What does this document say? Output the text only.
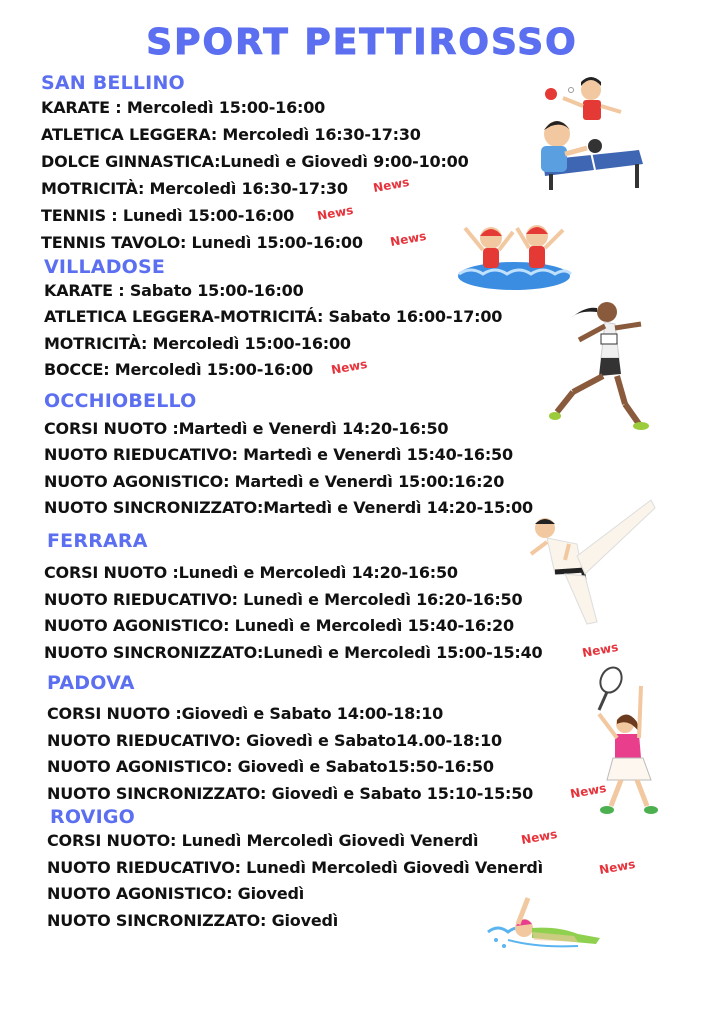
SPORT PETTIROSSO
SAN BELLINO
KARATE : Mercoledì 15:00-16:00
ATLETICA LEGGERA: Mercoledì 16:30-17:30
DOLCE GINNASTICA:Lunedì e Giovedì 9:00-10:00
MOTRICITÀ: Mercoledì 16:30-17:30 News
TENNIS : Lunedì 15:00-16:00 News
TENNIS TAVOLO: Lunedì 15:00-16:00 News
VILLADOSE
KARATE : Sabato 15:00-16:00
ATLETICA LEGGERA-MOTRICITÁ: Sabato 16:00-17:00
MOTRICITÀ: Mercoledì 15:00-16:00
BOCCE: Mercoledì 15:00-16:00 News
OCCHIOBELLO
CORSI NUOTO :Martedì e Venerdì 14:20-16:50
NUOTO RIEDUCATIVO: Martedì e Venerdì 15:40-16:50
NUOTO AGONISTICO: Martedì e Venerdì 15:00:16:20
NUOTO SINCRONIZZATO:Martedì e Venerdì 14:20-15:00
FERRARA
CORSI NUOTO :Lunedì e Mercoledì 14:20-16:50
NUOTO RIEDUCATIVO: Lunedì e Mercoledì 16:20-16:50
NUOTO AGONISTICO: Lunedì e Mercoledì 15:40-16:20
NUOTO SINCRONIZZATO:Lunedì e Mercoledì 15:00-15:40	News
PADOVA
CORSI NUOTO :Giovedì e Sabato 14:00-18:10
NUOTO RIEDUCATIVO: Giovedì e Sabato14.00-18:10
NUOTO AGONISTICO: Giovedì e Sabato15:50-16:50
NUOTO SINCRONIZZATO: Giovedì e Sabato 15:10-15:50	News
ROVIGO
CORSI NUOTO: Lunedì Mercoledì Giovedì Venerdì	News
NUOTO RIEDUCATIVO: Lunedì Mercoledì Giovedì Venerdì	News
NUOTO AGONISTICO: Giovedì
NUOTO SINCRONIZZATO: Giovedì
